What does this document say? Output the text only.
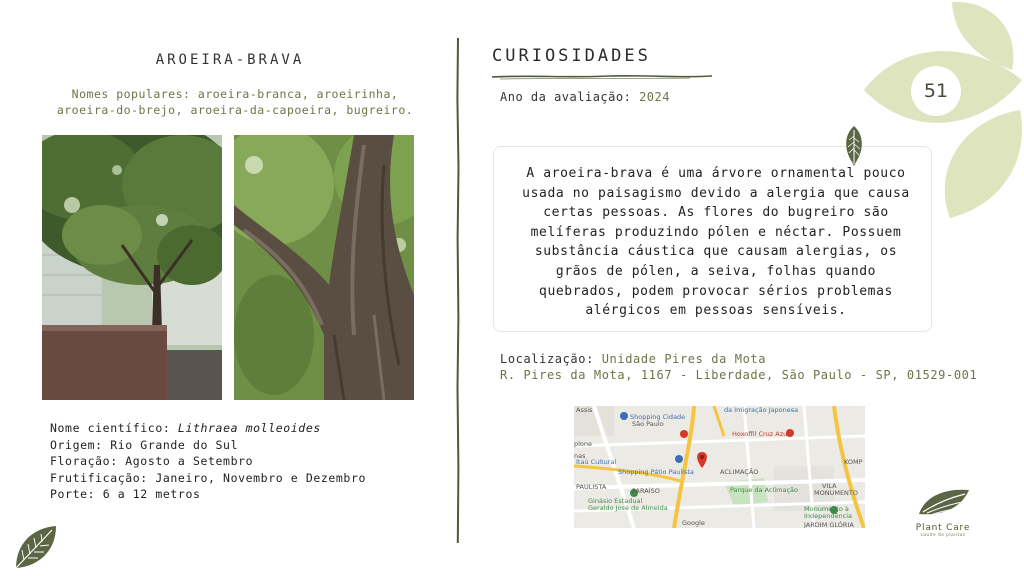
AROEIRA-BRAVA
Nomes populares: aroeira-branca, aroeirinha, aroeira-do-brejo, aroeira-da-capoeira, bugreiro.
Nome científico: Lithraea molleoides
Origem: Rio Grande do Sul
Floração: Agosto a Setembro
Frutificação: Janeiro, Novembro e Dezembro
Porte: 6 a 12 metros
CURIOSIDADES
Ano da avaliação: 2024
A aroeira-brava é uma árvore ornamental pouco usada no paisagismo devido a alergia que causa certas pessoas. As flores do bugreiro são melíferas produzindo pólen e néctar. Possuem substância cáustica que causam alergias, os grãos de pólen, a seiva, folhas quando quebrados, podem provocar sérios problemas alérgicos em pessoas sensíveis.
Localização: Unidade Pires da Mota
R. Pires da Mota, 1167 - Liberdade, São Paulo - SP, 01529-001
Assis	da Imigração Japonesa
Shopping Cidade
São Paulo
plone
nas
Hoxoffil Cruz Azul
KOMP
Itaú Cultural
Shopping Pátio Paulista	ACLIMAÇÃO
PAULISTA	PARAÍSO	Parque da Aclimação	VILA
MONUMENTO
Ginásio Estadual
Geraldo José de Almeida	Monumento à
Independência
Google	JARDIM GLÓRIA
51
Plant Care
saúde de plantas
